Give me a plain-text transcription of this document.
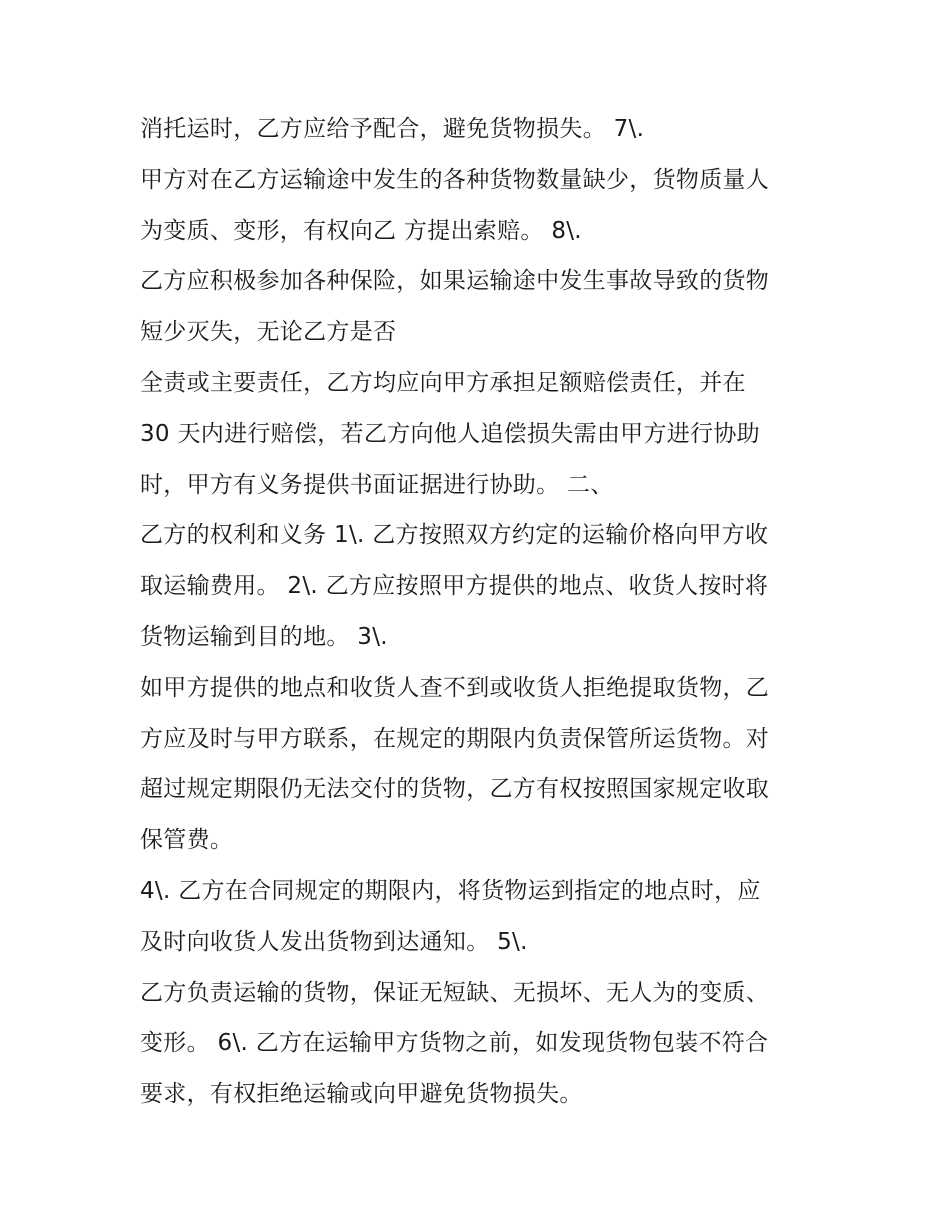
消托运时，乙方应给予配合，避免货物损失。 7\.
甲方对在乙方运输途中发生的各种货物数量缺少，货物质量人
为变质、变形，有权向乙 方提出索赔。 8\.
乙方应积极参加各种保险，如果运输途中发生事故导致的货物
短少灭失，无论乙方是否
全责或主要责任，乙方均应向甲方承担足额赔偿责任，并在
30 天内进行赔偿，若乙方向他人追偿损失需由甲方进行协助
时，甲方有义务提供书面证据进行协助。 二、
乙方的权利和义务 1\. 乙方按照双方约定的运输价格向甲方收
取运输费用。 2\. 乙方应按照甲方提供的地点、收货人按时将
货物运输到目的地。 3\.
如甲方提供的地点和收货人查不到或收货人拒绝提取货物，乙
方应及时与甲方联系，在规定的期限内负责保管所运货物。对
超过规定期限仍无法交付的货物，乙方有权按照国家规定收取
保管费。
4\. 乙方在合同规定的期限内，将货物运到指定的地点时，应
及时向收货人发出货物到达通知。 5\.
乙方负责运输的货物，保证无短缺、无损坏、无人为的变质、
变形。 6\. 乙方在运输甲方货物之前，如发现货物包装不符合
要求，有权拒绝运输或向甲避免货物损失。
